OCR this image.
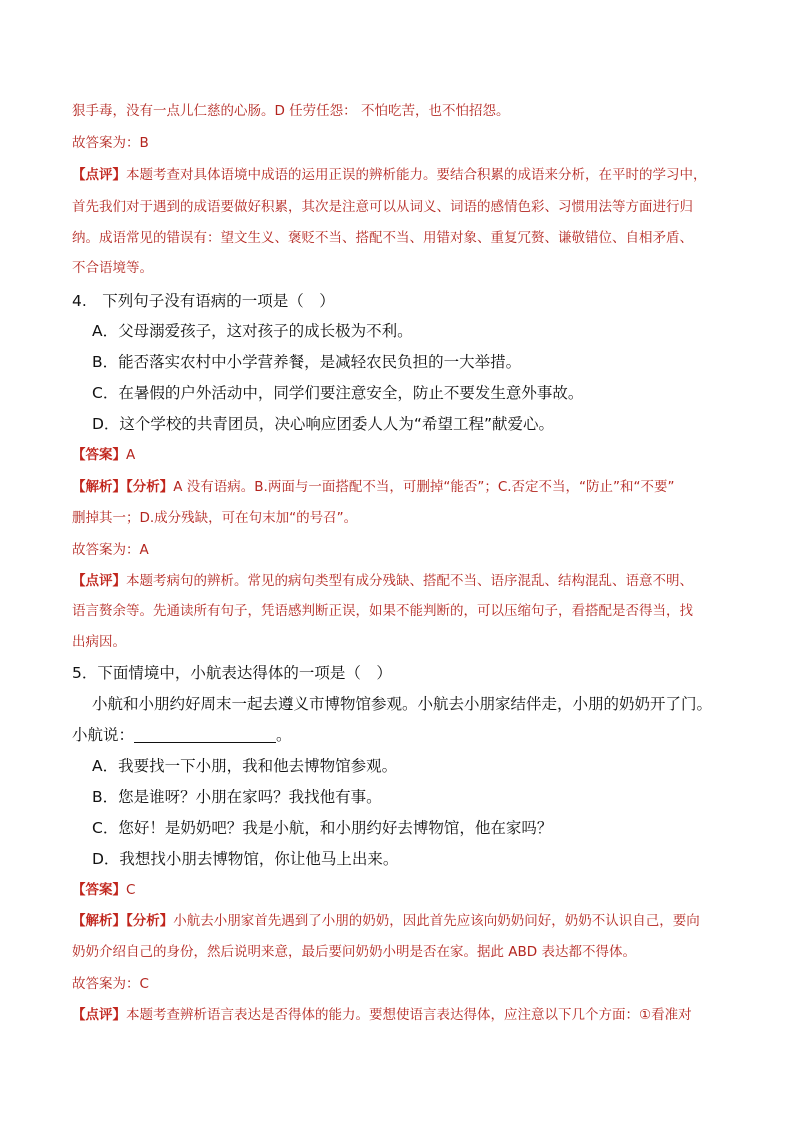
狠手毒，没有一点儿仁慈的心肠。D 任劳任怨： 不怕吃苦，也不怕招怨。
故答案为：B
【点评】本题考查对具体语境中成语的运用正误的辨析能力。要结合积累的成语来分析，在平时的学习中，
首先我们对于遇到的成语要做好积累，其次是注意可以从词义、词语的感情色彩、习惯用法等方面进行归
纳。成语常见的错误有：望文生义、褒贬不当、搭配不当、用错对象、重复冗赘、谦敬错位、自相矛盾、
不合语境等。
4.　下列句子没有语病的一项是（　）
A．父母溺爱孩子，这对孩子的成长极为不利。
B．能否落实农村中小学营养餐，是减轻农民负担的一大举措。
C．在暑假的户外活动中，同学们要注意安全，防止不要发生意外事故。
D．这个学校的共青团员，决心响应团委人人为“希望工程”献爱心。
【答案】A
【解析】【分析】A 没有语病。B.两面与一面搭配不当，可删掉“能否”；C.否定不当，“防止”和“不要”
删掉其一；D.成分残缺，可在句末加“的号召”。
故答案为：A
【点评】本题考病句的辨析。常见的病句类型有成分残缺、搭配不当、语序混乱、结构混乱、语意不明、
语言赘余等。先通读所有句子，凭语感判断正误，如果不能判断的，可以压缩句子，看搭配是否得当，找
出病因。
5．下面情境中，小航表达得体的一项是（　）
小航和小朋约好周末一起去遵义市博物馆参观。小航去小朋家结伴走，小朋的奶奶开了门。
小航说：	。
A．我要找一下小朋，我和他去博物馆参观。
B．您是谁呀？小朋在家吗？我找他有事。
C．您好！是奶奶吧？我是小航，和小朋约好去博物馆，他在家吗？
D．我想找小朋去博物馆，你让他马上出来。
【答案】C
【解析】【分析】小航去小朋家首先遇到了小朋的奶奶，因此首先应该向奶奶问好，奶奶不认识自己，要向
奶奶介绍自己的身份，然后说明来意，最后要问奶奶小明是否在家。据此 ABD 表达都不得体。
故答案为：C
【点评】本题考查辨析语言表达是否得体的能力。要想使语言表达得体，应注意以下几个方面：①看准对
